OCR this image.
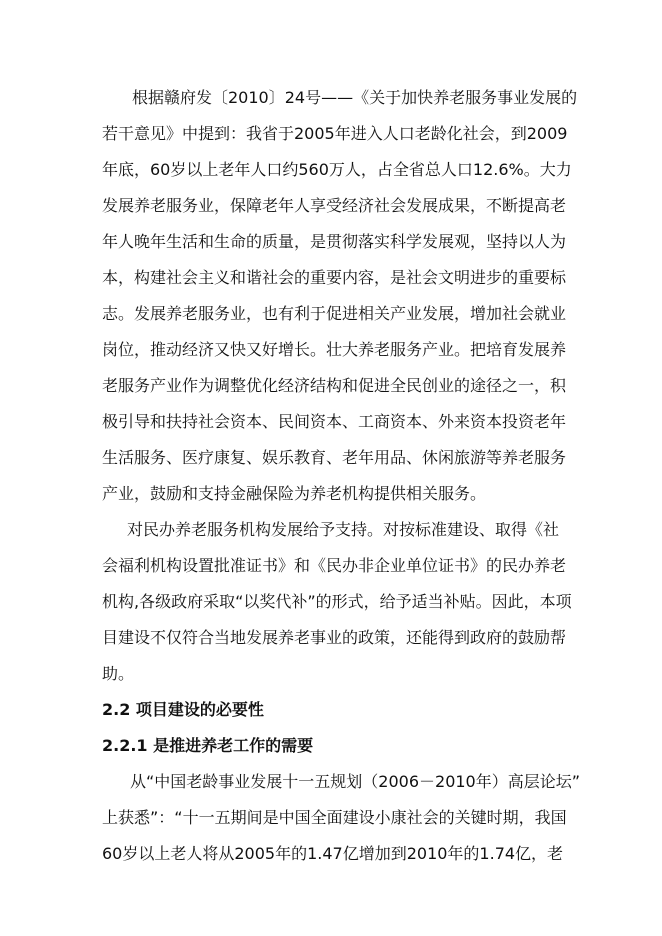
根据赣府发〔2010〕24号——《关于加快养老服务事业发展的
若干意见》中提到：我省于2005年进入人口老龄化社会，到2009
年底，60岁以上老年人口约560万人，占全省总人口12.6%。大力
发展养老服务业，保障老年人享受经济社会发展成果，不断提高老
年人晚年生活和生命的质量，是贯彻落实科学发展观，坚持以人为
本，构建社会主义和谐社会的重要内容，是社会文明进步的重要标
志。发展养老服务业，也有利于促进相关产业发展，增加社会就业
岗位，推动经济又快又好增长。壮大养老服务产业。把培育发展养
老服务产业作为调整优化经济结构和促进全民创业的途径之一，积
极引导和扶持社会资本、民间资本、工商资本、外来资本投资老年
生活服务、医疗康复、娱乐教育、老年用品、休闲旅游等养老服务
产业，鼓励和支持金融保险为养老机构提供相关服务。
对民办养老服务机构发展给予支持。对按标准建设、取得《社
会福利机构设置批准证书》和《民办非企业单位证书》的民办养老
机构,各级政府采取“以奖代补”的形式，给予适当补贴。因此，本项
目建设不仅符合当地发展养老事业的政策，还能得到政府的鼓励帮
助。
2.2 项目建设的必要性
2.2.1 是推进养老工作的需要
从“中国老龄事业发展十一五规划（2006－2010年）高层论坛”
上获悉”：“十一五期间是中国全面建设小康社会的关键时期，我国
60岁以上老人将从2005年的1.47亿增加到2010年的1.74亿，老
